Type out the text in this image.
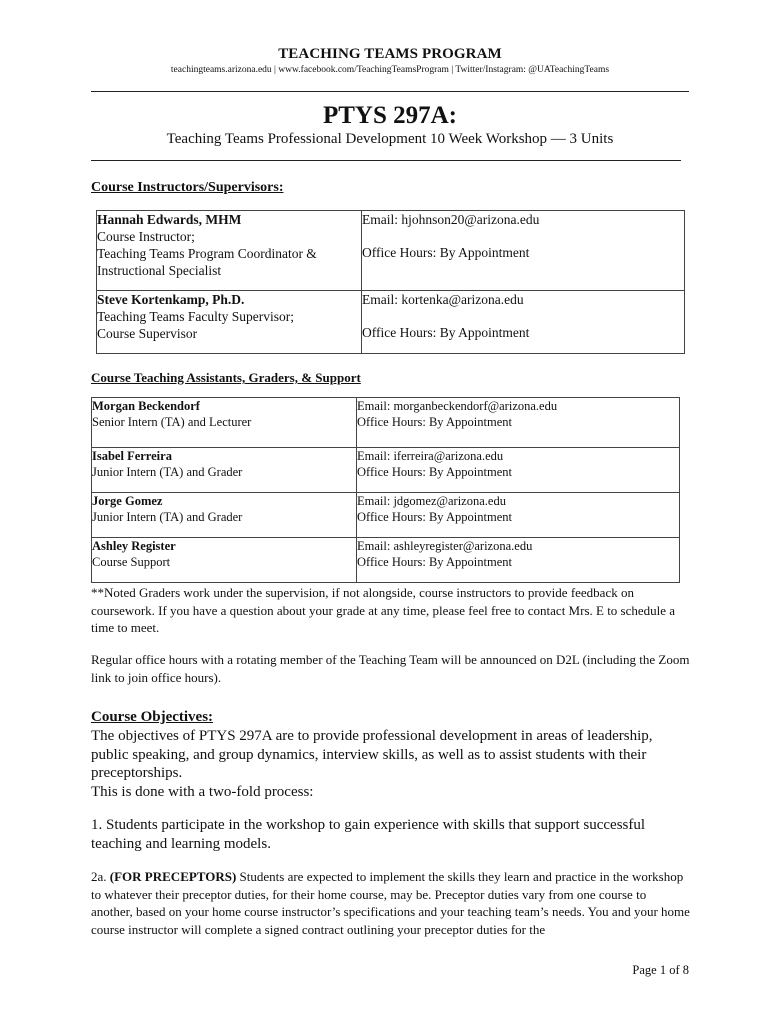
TEACHING TEAMS PROGRAM
teachingteams.arizona.edu | www.facebook.com/TeachingTeamsProgram | Twitter/Instagram: @UATeachingTeams
PTYS 297A:
Teaching Teams Professional Development 10 Week Workshop — 3 Units
Course Instructors/Supervisors:
Hannah Edwards, MHM
Course Instructor;
Teaching Teams Program Coordinator &
Instructional Specialist	Email: hjohnson20@arizona.edu
Office Hours: By Appointment

Steve Kortenkamp, Ph.D.
Teaching Teams Faculty Supervisor;
Course Supervisor	Email: kortenka@arizona.edu
Office Hours: By Appointment
Course Teaching Assistants, Graders, & Support
Morgan Beckendorf
Senior Intern (TA) and Lecturer	Email: morganbeckendorf@arizona.edu
Office Hours: By Appointment

Isabel Ferreira
Junior Intern (TA) and Grader	Email: iferreira@arizona.edu
Office Hours: By Appointment

Jorge Gomez
Junior Intern (TA) and Grader	Email: jdgomez@arizona.edu
Office Hours: By Appointment

Ashley Register
Course Support	Email: ashleyregister@arizona.edu
Office Hours: By Appointment
**Noted Graders work under the supervision, if not alongside, course instructors to provide feedback on coursework. If you have a question about your grade at any time, please feel free to contact Mrs. E to schedule a time to meet.
Regular office hours with a rotating member of the Teaching Team will be announced on D2L (including the Zoom link to join office hours).
Course Objectives:
The objectives of PTYS 297A are to provide professional development in areas of leadership, public speaking, and group dynamics, interview skills, as well as to assist students with their preceptorships.
This is done with a two-fold process:
1. Students participate in the workshop to gain experience with skills that support successful teaching and learning models.
2a. (FOR PRECEPTORS) Students are expected to implement the skills they learn and practice in the workshop to whatever their preceptor duties, for their home course, may be. Preceptor duties vary from one course to another, based on your home course instructor’s specifications and your teaching team’s needs. You and your home course instructor will complete a signed contract outlining your preceptor duties for the
Page 1 of 8
